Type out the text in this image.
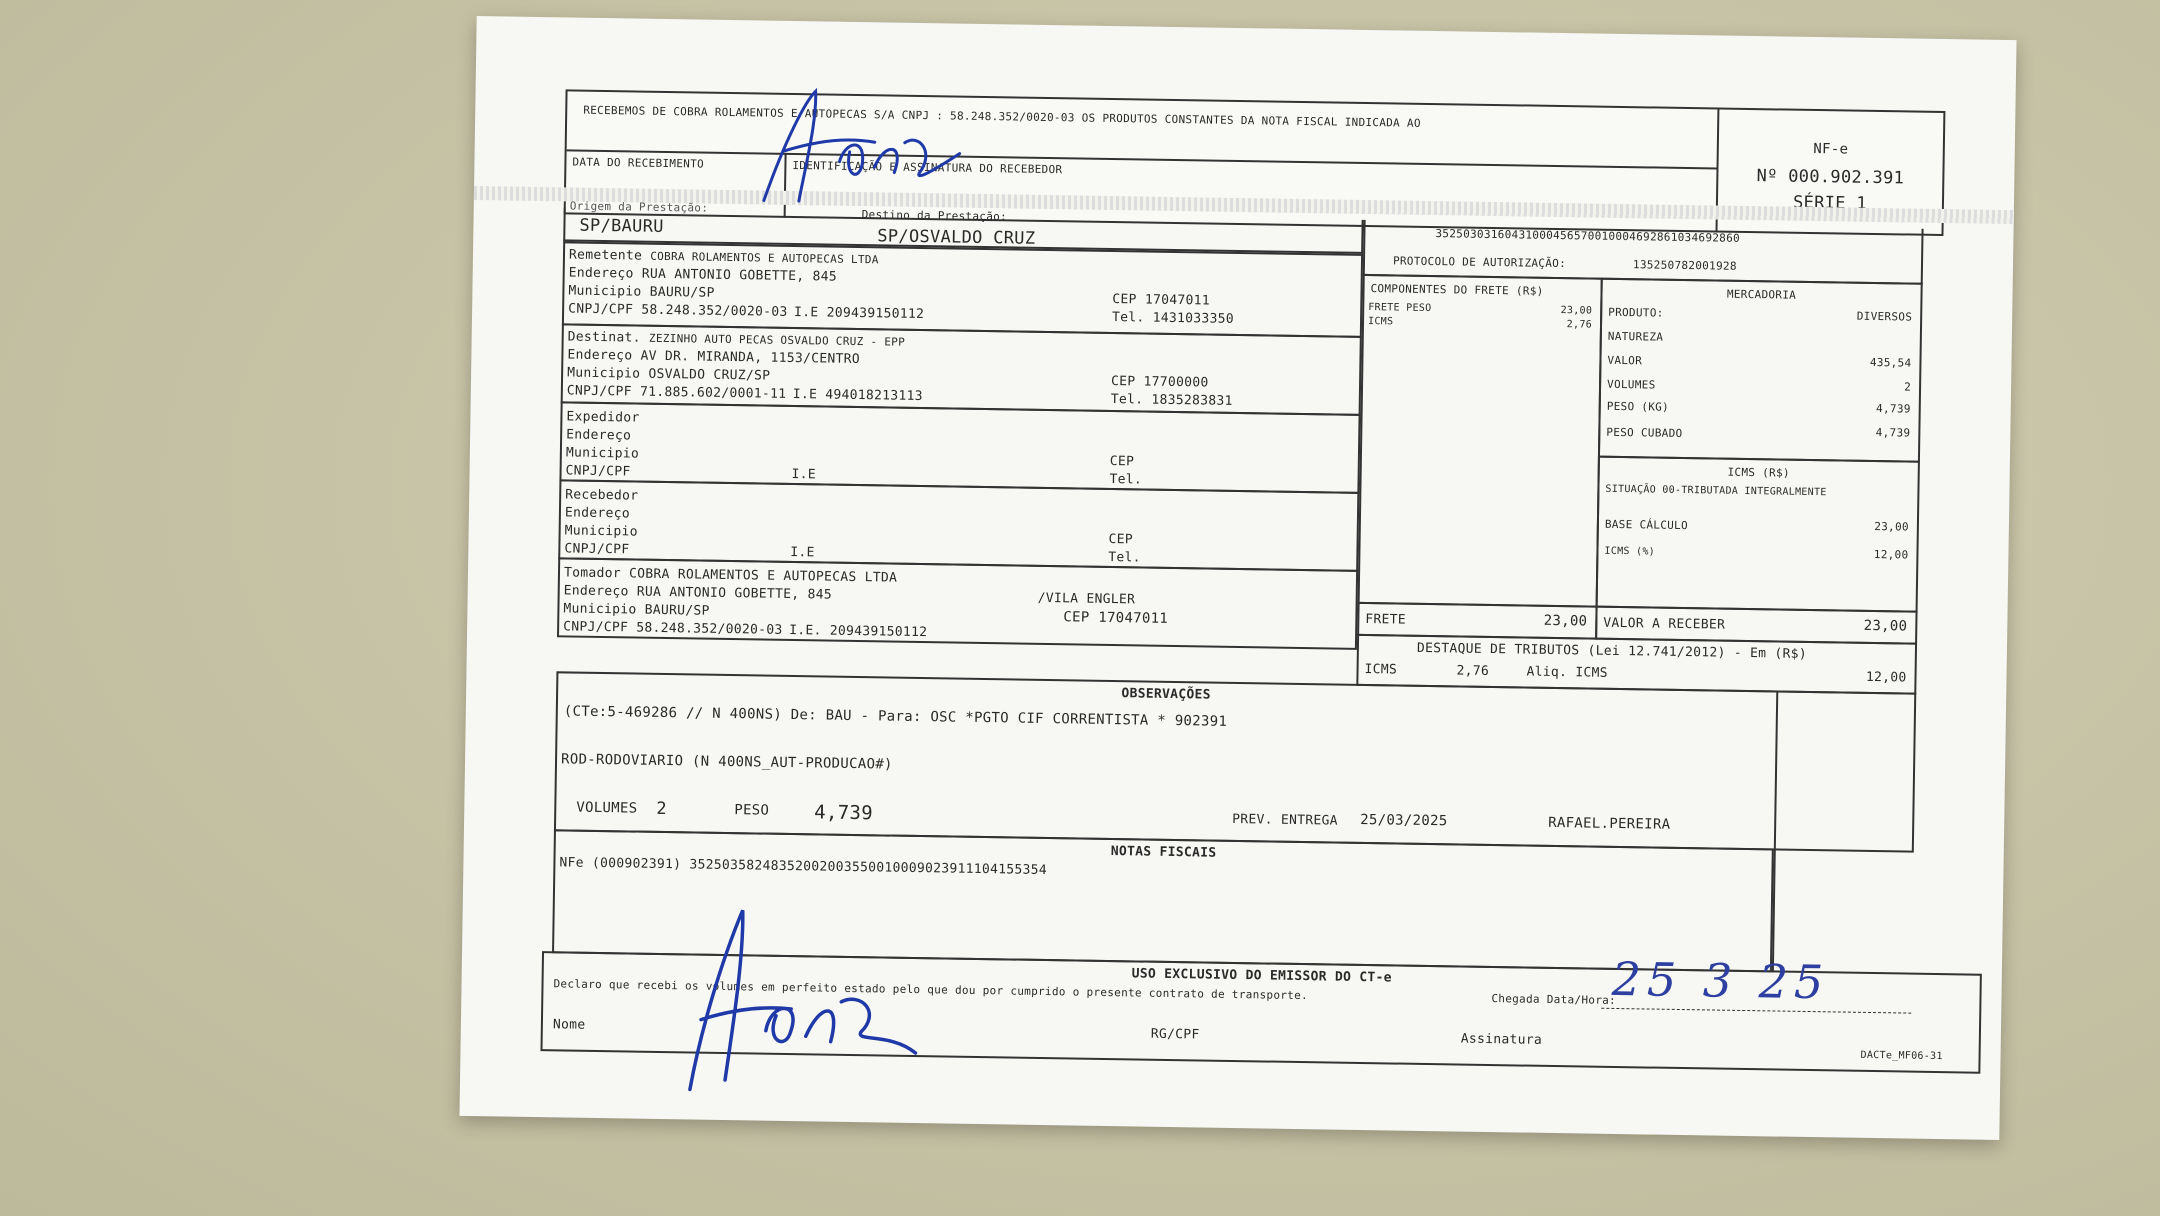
RECEBEMOS DE COBRA ROLAMENTOS E AUTOPECAS S/A CNPJ : 58.248.352/0020-03 OS PRODUTOS CONSTANTES DA NOTA FISCAL INDICADA AO
DATA DO RECEBIMENTO	IDENTIFICAÇÃO E ASSINATURA DO RECEBEDOR
NF-e
Nº 000.902.391
SÉRIE 1
Origem da Prestação:
SP/BAURU	Destino da Prestação:
SP/OSVALDO CRUZ	35250303160431000456570010004692861034692860
PROTOCOLO DE AUTORIZAÇÃO:	135250782001928
Remetente COBRA ROLAMENTOS E AUTOPECAS LTDA
Endereço RUA ANTONIO GOBETTE, 845
Municipio BAURU/SP
CNPJ/CPF 58.248.352/0020-03 I.E 209439150112
CEP 17047011
Tel. 1431033350
Destinat. ZEZINHO AUTO PECAS OSVALDO CRUZ - EPP
Endereço AV DR. MIRANDA, 1153/CENTRO
Municipio OSVALDO CRUZ/SP
CNPJ/CPF 71.885.602/0001-11 I.E 494018213113
CEP 17700000
Tel. 1835283831
Expedidor
Endereço
Municipio
CNPJ/CPF	I.E
CEP
Tel.
Recebedor
Endereço
Municipio
CNPJ/CPF	I.E
CEP
Tel.
Tomador COBRA ROLAMENTOS E AUTOPECAS LTDA
Endereço RUA ANTONIO GOBETTE, 845	/VILA ENGLER
Municipio BAURU/SP	CEP 17047011
CNPJ/CPF 58.248.352/0020-03 I.E. 209439150112
COMPONENTES DO FRETE (R$)
FRETE PESO	23,00
ICMS	2,76
FRETE	23,00
MERCADORIA
PRODUTO:	DIVERSOS
NATUREZA
VALOR	435,54
VOLUMES	2
PESO (KG)	4,739
PESO CUBADO	4,739
ICMS (R$)
SITUAÇÃO 00-TRIBUTADA INTEGRALMENTE
BASE CÁLCULO	23,00
ICMS (%)	12,00
VALOR A RECEBER	23,00
DESTAQUE DE TRIBUTOS (Lei 12.741/2012) - Em (R$)
ICMS	2,76	Aliq. ICMS	12,00
OBSERVAÇÕES
(CTe:5-469286 // N 400NS) De: BAU - Para: OSC *PGTO CIF CORRENTISTA * 902391
ROD-RODOVIARIO (N 400NS_AUT-PRODUCAO#)
VOLUMES 2	PESO 4,739	PREV. ENTREGA 25/03/2025	RAFAEL.PEREIRA
NOTAS FISCAIS
NFe (000902391) 35250358248352002003550010009023911104155354
USO EXCLUSIVO DO EMISSOR DO CT-e
Declaro que recebi os volumes em perfeito estado pelo que dou por cumprido o presente contrato de transporte.	Chegada Data/Hora:
Nome
RG/CPF	Assinatura
DACTe_MF06-31
25 3 25
